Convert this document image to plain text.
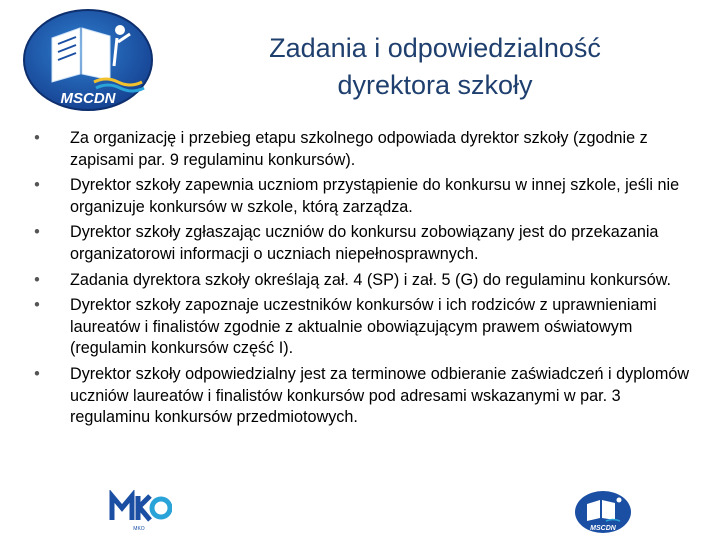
MSCDN
Zadania i odpowiedzialność
dyrektora szkoły
• Za organizację i przebieg etapu szkolnego odpowiada dyrektor szkoły (zgodnie z zapisami par. 9 regulaminu konkursów).
• Dyrektor szkoły zapewnia uczniom przystąpienie do konkursu w innej szkole, jeśli nie organizuje konkursów w szkole, którą zarządza.
• Dyrektor szkoły zgłaszając uczniów do konkursu zobowiązany jest do przekazania organizatorowi informacji o uczniach niepełnosprawnych.
• Zadania dyrektora szkoły określają zał. 4 (SP) i zał. 5 (G) do regulaminu konkursów.
• Dyrektor szkoły zapoznaje uczestników konkursów i ich rodziców z uprawnieniami laureatów i finalistów zgodnie z aktualnie obowiązującym prawem oświatowym (regulamin konkursów część I).
• Dyrektor szkoły odpowiedzialny jest za terminowe odbieranie zaświadczeń i dyplomów uczniów laureatów i finalistów konkursów pod adresami wskazanymi w par. 3 regulaminu konkursów przedmiotowych.
MKO	MSCDN
